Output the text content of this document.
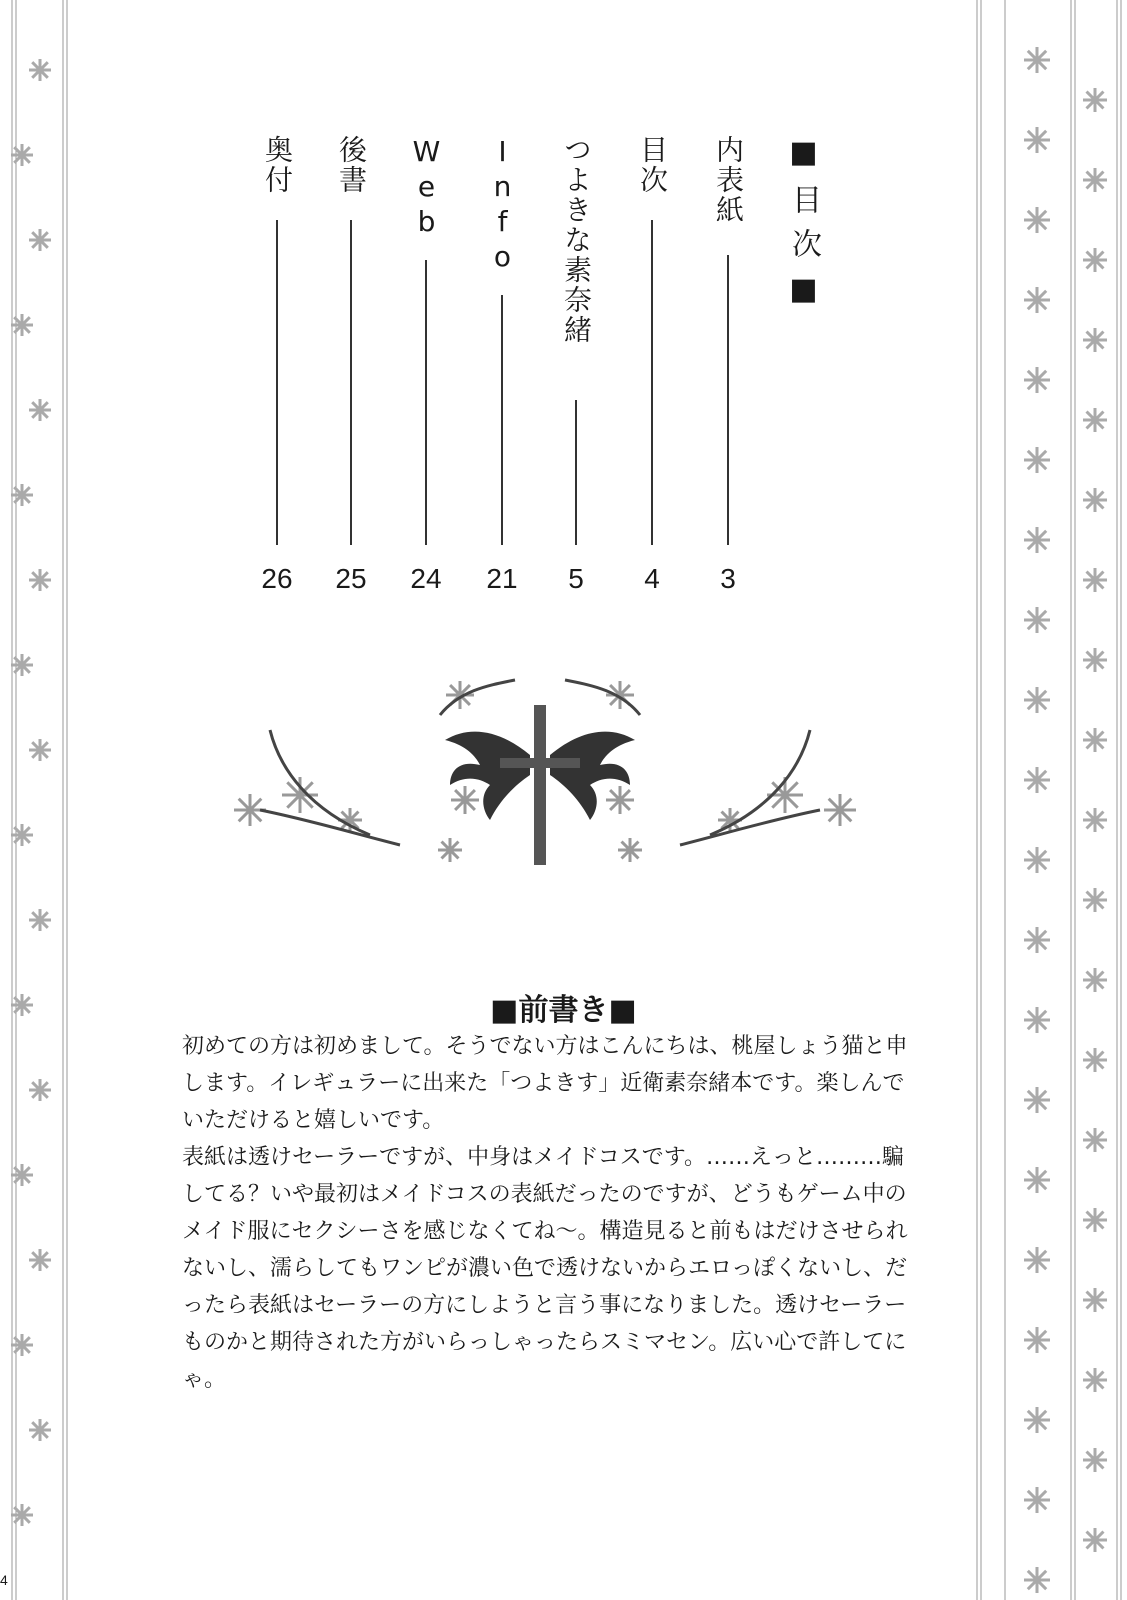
■目次■
内表紙
3
目次
4
つよきな素奈緒
5
Info
21
Web
24
後書
25
奥付
26
■前書き■

初めての方は初めまして。そうでない方はこんにちは、桃屋しょう猫と申します。イレギュラーに出来た「つよきす」近衛素奈緒本です。楽しんでいただけると嬉しいです。

表紙は透けセーラーですが、中身はメイドコスです。……えっと………騙してる？いや最初はメイドコスの表紙だったのですが、どうもゲーム中のメイド服にセクシーさを感じなくてね～。構造見ると前もはだけさせられないし、濡らしてもワンピが濃い色で透けないからエロっぽくないし、だったら表紙はセーラーの方にしようと言う事になりました。透けセーラーものかと期待された方がいらっしゃったらスミマセン。広い心で許してにゃ。

4
